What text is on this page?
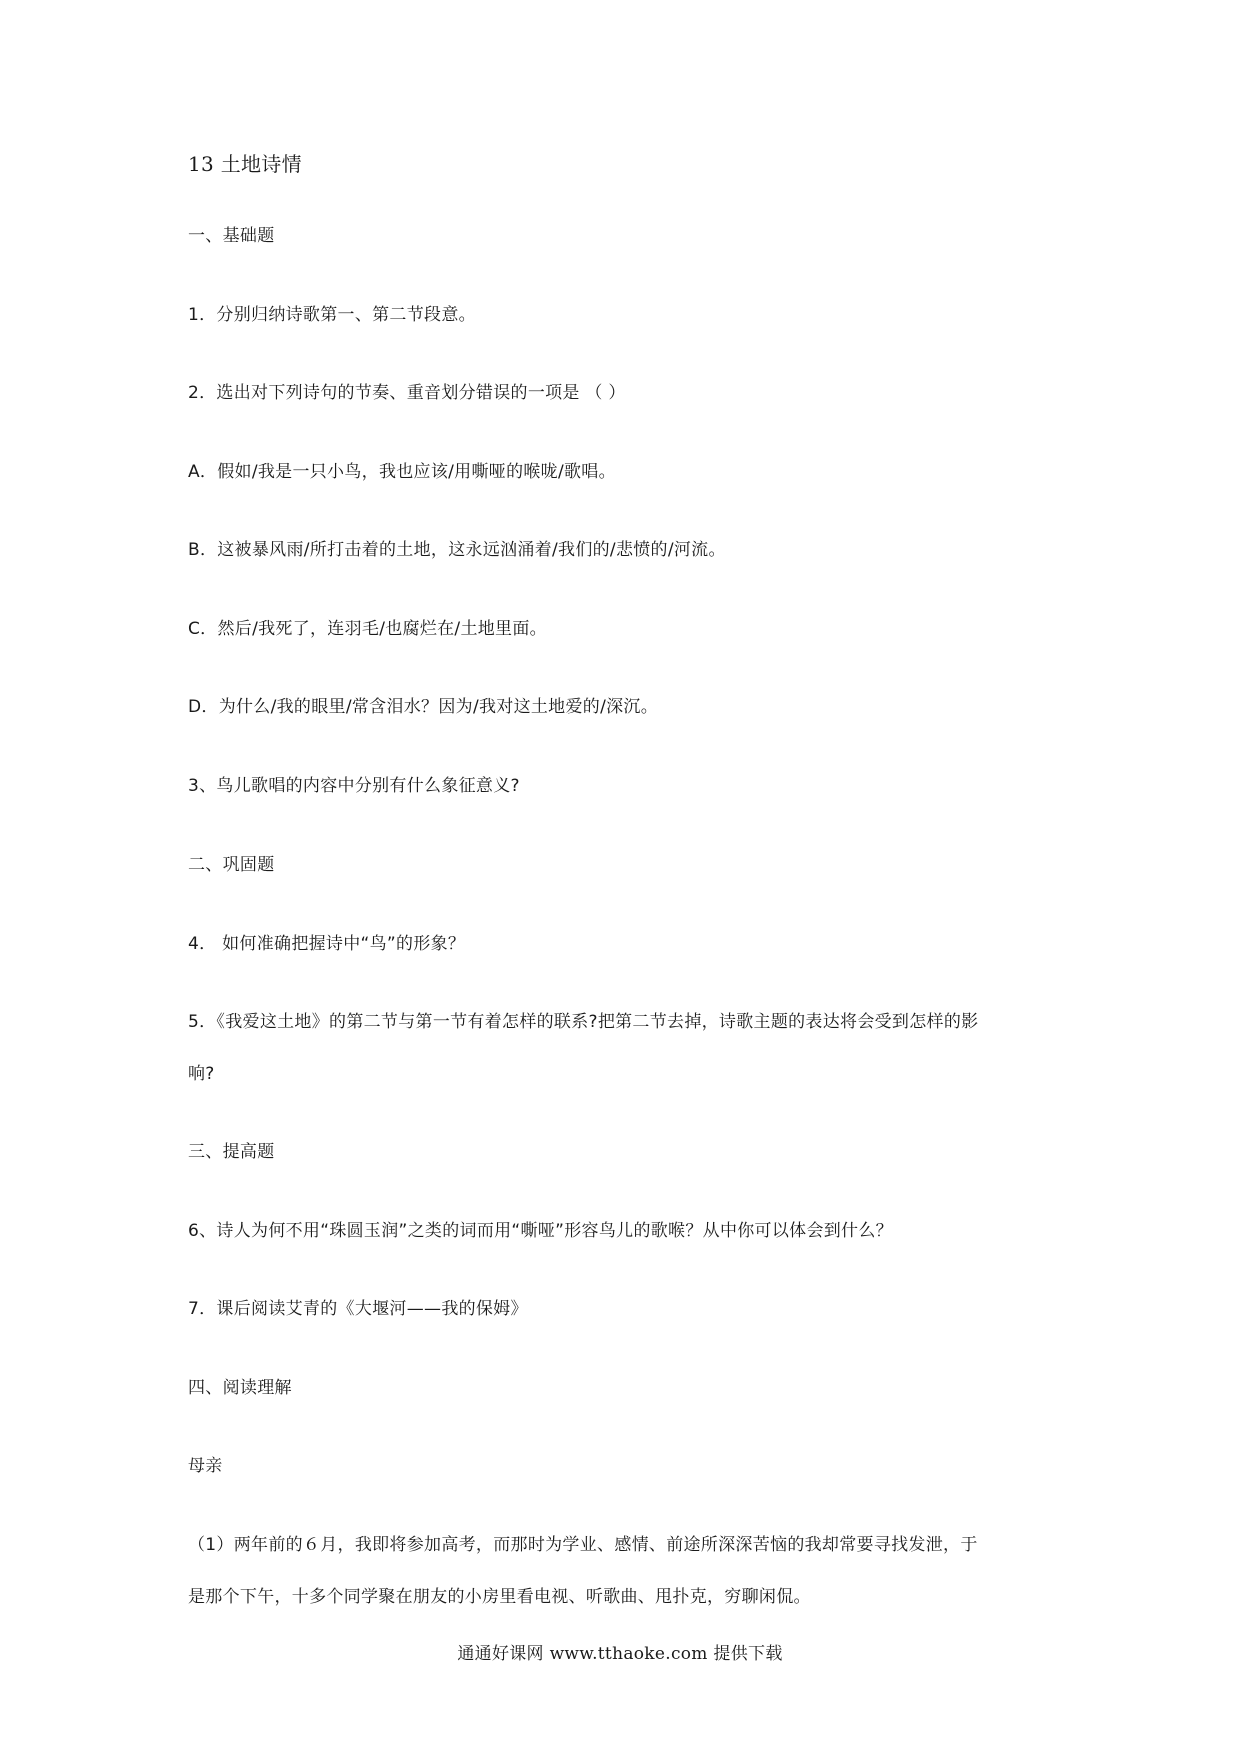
13 土地诗情
一、基础题
1．分别归纳诗歌第一、第二节段意。
2．选出对下列诗句的节奏、重音划分错误的一项是 （ ）
A．假如/我是一只小鸟，我也应该/用嘶哑的喉咙/歌唱。
B．这被暴风雨/所打击着的土地，这永远汹涌着/我们的/悲愤的/河流。
C．然后/我死了，连羽毛/也腐烂在/土地里面。
D．为什么/我的眼里/常含泪水？因为/我对这土地爱的/深沉。
3、鸟儿歌唱的内容中分别有什么象征意义?
二、巩固题
4． 如何准确把握诗中“鸟”的形象？
5．《我爱这土地》的第二节与第一节有着怎样的联系?把第二节去掉，诗歌主题的表达将会受到怎样的影
响?
三、提高题
6、诗人为何不用“珠圆玉润”之类的词而用“嘶哑”形容鸟儿的歌喉？从中你可以体会到什么？
7．课后阅读艾青的《大堰河——我的保姆》
四、阅读理解
母亲
（1）两年前的６月，我即将参加高考，而那时为学业、感情、前途所深深苦恼的我却常要寻找发泄，于
是那个下午，十多个同学聚在朋友的小房里看电视、听歌曲、甩扑克，穷聊闲侃。
通通好课网 www.tthaoke.com 提供下载
